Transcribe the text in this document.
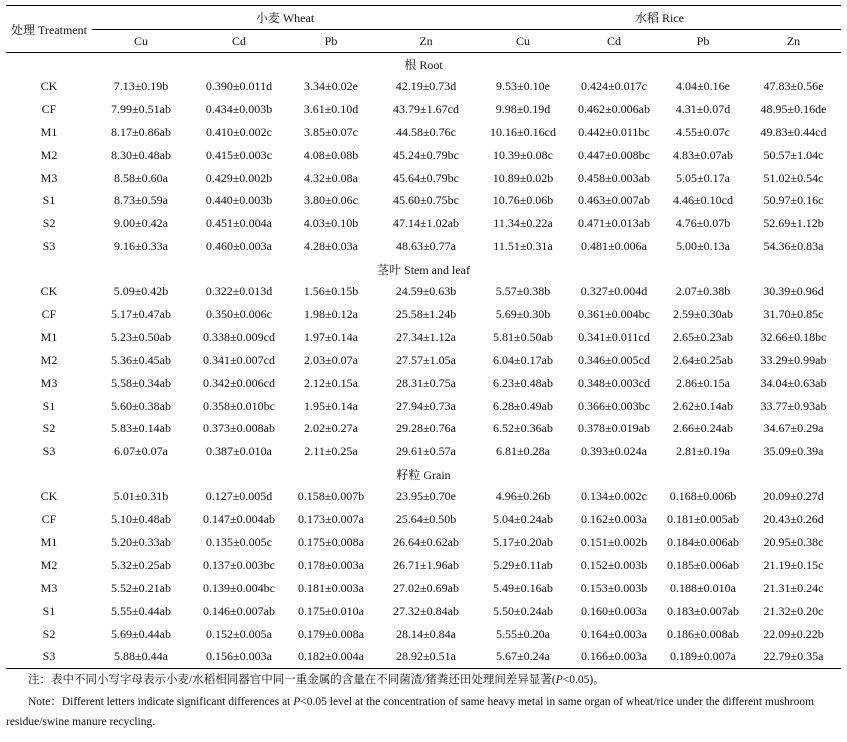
处理 Treatment	小麦 Wheat				水稻 Rice			
	Cu	Cd	Pb	Zn	Cu	Cd	Pb	Zn
根 Root								
CK	7.13±0.19b	0.390±0.011d	3.34±0.02e	42.19±0.73d	9.53±0.10e	0.424±0.017c	4.04±0.16e	47.83±0.56e
CF	7.99±0.51ab	0.434±0.003b	3.61±0.10d	43.79±1.67cd	9.98±0.19d	0.462±0.006ab	4.31±0.07d	48.95±0.16de
M1	8.17±0.86ab	0.410±0.002c	3.85±0.07c	44.58±0.76c	10.16±0.16cd	0.442±0.011bc	4.55±0.07c	49.83±0.44cd
M2	8.30±0.48ab	0.415±0.003c	4.08±0.08b	45.24±0.79bc	10.39±0.08c	0.447±0.008bc	4.83±0.07ab	50.57±1.04c
M3	8.58±0.60a	0.429±0.002b	4.32±0.08a	45.64±0.79bc	10.89±0.02b	0.458±0.003ab	5.05±0.17a	51.02±0.54c
S1	8.73±0.59a	0.440±0.003b	3.80±0.06c	45.60±0.75bc	10.76±0.06b	0.463±0.007ab	4.46±0.10cd	50.97±0.16c
S2	9.00±0.42a	0.451±0.004a	4.03±0.10b	47.14±1.02ab	11.34±0.22a	0.471±0.013ab	4.76±0.07b	52.69±1.12b
S3	9.16±0.33a	0.460±0.003a	4.28±0.03a	48.63±0.77a	11.51±0.31a	0.481±0.006a	5.00±0.13a	54.36±0.83a
茎叶 Stem and leaf								
CK	5.09±0.42b	0.322±0.013d	1.56±0.15b	24.59±0.63b	5.57±0.38b	0.327±0.004d	2.07±0.38b	30.39±0.96d
CF	5.17±0.47ab	0.350±0.006c	1.98±0.12a	25.58±1.24b	5.69±0.30b	0.361±0.004bc	2.59±0.30ab	31.70±0.85c
M1	5.23±0.50ab	0.338±0.009cd	1.97±0.14a	27.34±1.12a	5.81±0.50ab	0.341±0.011cd	2.65±0.23ab	32.66±0.18bc
M2	5.36±0.45ab	0.341±0.007cd	2.03±0.07a	27.57±1.05a	6.04±0.17ab	0.346±0.005cd	2.64±0.25ab	33.29±0.99ab
M3	5.58±0.34ab	0.342±0.006cd	2.12±0.15a	28.31±0.75a	6.23±0.48ab	0.348±0.003cd	2.86±0.15a	34.04±0.63ab
S1	5.60±0.38ab	0.358±0.010bc	1.95±0.14a	27.94±0.73a	6.28±0.49ab	0.366±0.003bc	2.62±0.14ab	33.77±0.93ab
S2	5.83±0.14ab	0.373±0.008ab	2.02±0.27a	29.28±0.76a	6.52±0.36ab	0.378±0.019ab	2.66±0.24ab	34.67±0.29a
S3	6.07±0.07a	0.387±0.010a	2.11±0.25a	29.61±0.57a	6.81±0.28a	0.393±0.024a	2.81±0.19a	35.09±0.39a
籽粒 Grain								
CK	5.01±0.31b	0.127±0.005d	0.158±0.007b	23.95±0.70e	4.96±0.26b	0.134±0.002c	0.168±0.006b	20.09±0.27d
CF	5.10±0.48ab	0.147±0.004ab	0.173±0.007a	25.64±0.50b	5.04±0.24ab	0.162±0.003a	0.181±0.005ab	20.43±0.26d
M1	5.20±0.33ab	0.135±0.005c	0.175±0.008a	26.64±0.62ab	5.17±0.20ab	0.151±0.002b	0.184±0.006ab	20.95±0.38c
M2	5.32±0.25ab	0.137±0.003bc	0.178±0.003a	26.71±1.96ab	5.29±0.11ab	0.152±0.003b	0.185±0.006ab	21.19±0.15c
M3	5.52±0.21ab	0.139±0.004bc	0.181±0.003a	27.02±0.69ab	5.49±0.16ab	0.153±0.003b	0.188±0.010a	21.31±0.24c
S1	5.55±0.44ab	0.146±0.007ab	0.175±0.010a	27.32±0.84ab	5.50±0.24ab	0.160±0.003a	0.183±0.007ab	21.32±0.20c
S2	5.69±0.44ab	0.152±0.005a	0.179±0.008a	28.14±0.84a	5.55±0.20a	0.164±0.003a	0.186±0.008ab	22.09±0.22b
S3	5.88±0.44a	0.156±0.003a	0.182±0.004a	28.92±0.51a	5.67±0.24a	0.166±0.003a	0.189±0.007a	22.79±0.35a
注：表中不同小写字母表示小麦/水稻相同器官中同一重金属的含量在不同菌渣/猪粪还田处理间差异显著(P<0.05)。
Note：Different letters indicate significant differences at P<0.05 level at the concentration of same heavy metal in same organ of wheat/rice under the different mushroom residue/swine manure recycling.
